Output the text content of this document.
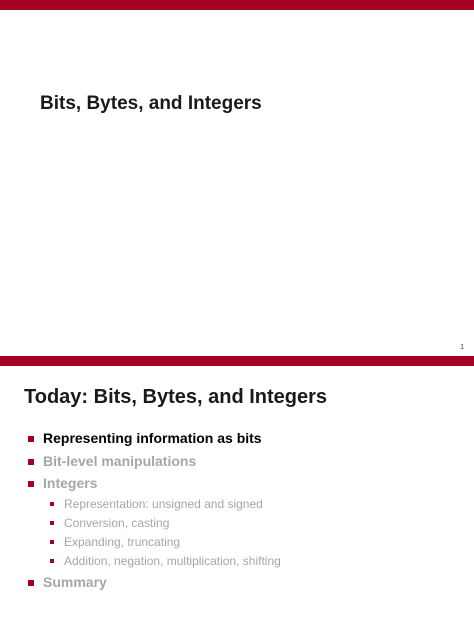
Bits, Bytes, and Integers
1
Today: Bits, Bytes, and Integers
Representing information as bits
Bit-level manipulations
Integers
Representation: unsigned and signed
Conversion, casting
Expanding, truncating
Addition, negation, multiplication, shifting
Summary
